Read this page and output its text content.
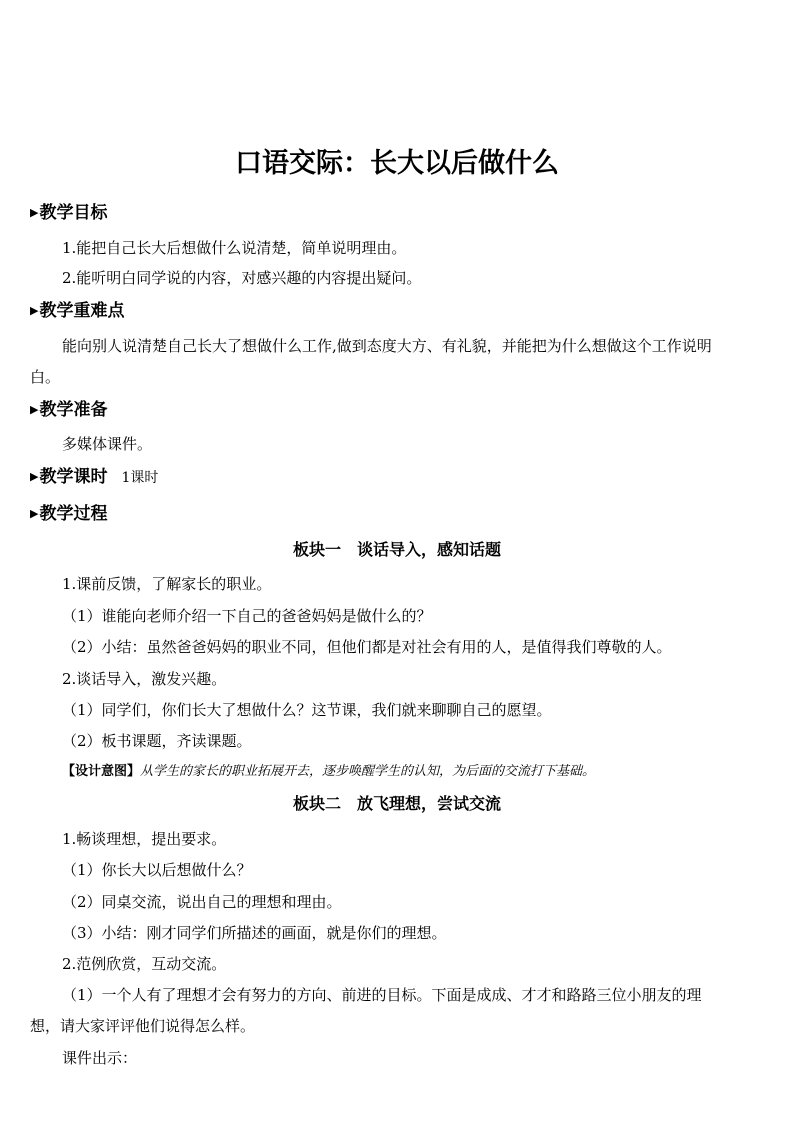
口语交际：长大以后做什么
▶教学目标
1.能把自己长大后想做什么说清楚，简单说明理由。
2.能听明白同学说的内容，对感兴趣的内容提出疑问。
▶教学重难点
能向别人说清楚自己长大了想做什么工作,做到态度大方、有礼貌，并能把为什么想做这个工作说明
白。
▶教学准备
多媒体课件。
▶教学课时 1课时
▶教学过程
板块一　谈话导入，感知话题
1.课前反馈，了解家长的职业。
（1）谁能向老师介绍一下自己的爸爸妈妈是做什么的？
（2）小结：虽然爸爸妈妈的职业不同，但他们都是对社会有用的人，是值得我们尊敬的人。
2.谈话导入，激发兴趣。
（1）同学们，你们长大了想做什么？这节课，我们就来聊聊自己的愿望。
（2）板书课题，齐读课题。
【设计意图】从学生的家长的职业拓展开去，逐步唤醒学生的认知，为后面的交流打下基础。
板块二　放飞理想，尝试交流
1.畅谈理想，提出要求。
（1）你长大以后想做什么？
（2）同桌交流，说出自己的理想和理由。
（3）小结：刚才同学们所描述的画面，就是你们的理想。
2.范例欣赏，互动交流。
（1）一个人有了理想才会有努力的方向、前进的目标。下面是成成、才才和路路三位小朋友的理
想，请大家评评他们说得怎么样。
课件出示：
